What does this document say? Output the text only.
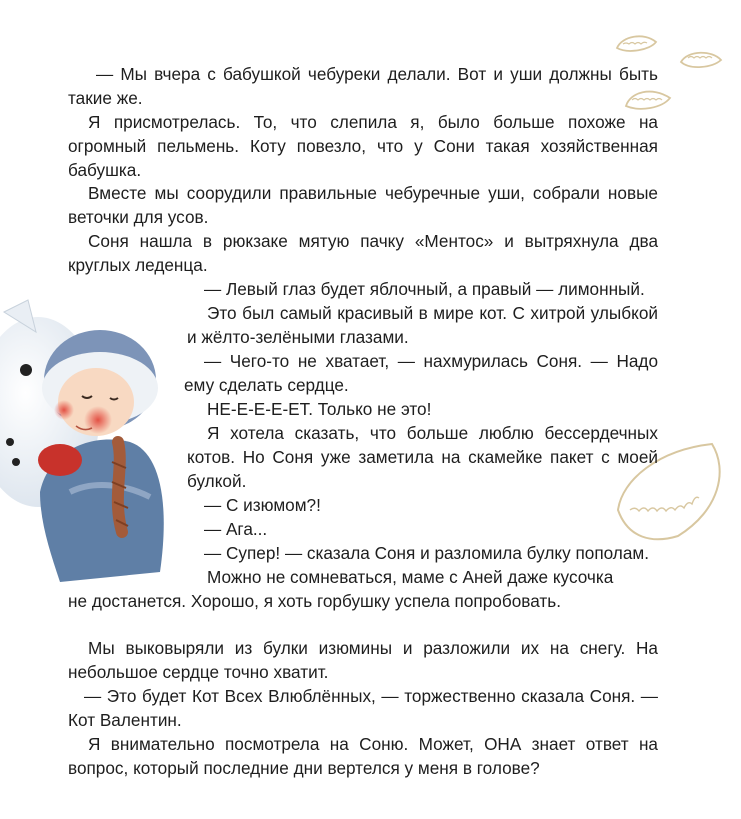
— Мы вчера с бабушкой чебуреки делали. Вот и уши должны быть такие же.

Я присмотрелась. То, что слепила я, было больше похоже на огромный пельмень. Коту повезло, что у Сони такая хозяйственная бабушка.

Вместе мы соорудили правильные чебуречные уши, собрали новые веточки для усов.

Соня нашла в рюкзаке мятую пачку «Ментос» и вытряхнула два круглых леденца.

— Левый глаз будет яблочный, а правый — лимонный.

Это был самый красивый в мире кот. С хитрой улыбкой и жёлто-зелёными глазами.

— Чего-то не хватает, — нахмурилась Соня. — Надо ему сделать сердце.

НЕ-Е-Е-Е-ЕТ. Только не это!

Я хотела сказать, что больше люблю бессердечных котов. Но Соня уже заметила на скамейке пакет с моей булкой.

— С изюмом?!

— Ага...

— Супер! — сказала Соня и разломила булку пополам.

Можно не сомневаться, маме с Аней даже кусочка

не достанется. Хорошо, я хоть горбушку успела попробовать.

Мы выковыряли из булки изюмины и разложили их на снегу. На небольшое сердце точно хватит.

— Это будет Кот Всех Влюблённых, — торжественно сказала Соня. — Кот Валентин.

Я внимательно посмотрела на Соню. Может, ОНА знает ответ на вопрос, который последние дни вертелся у меня в голове?
